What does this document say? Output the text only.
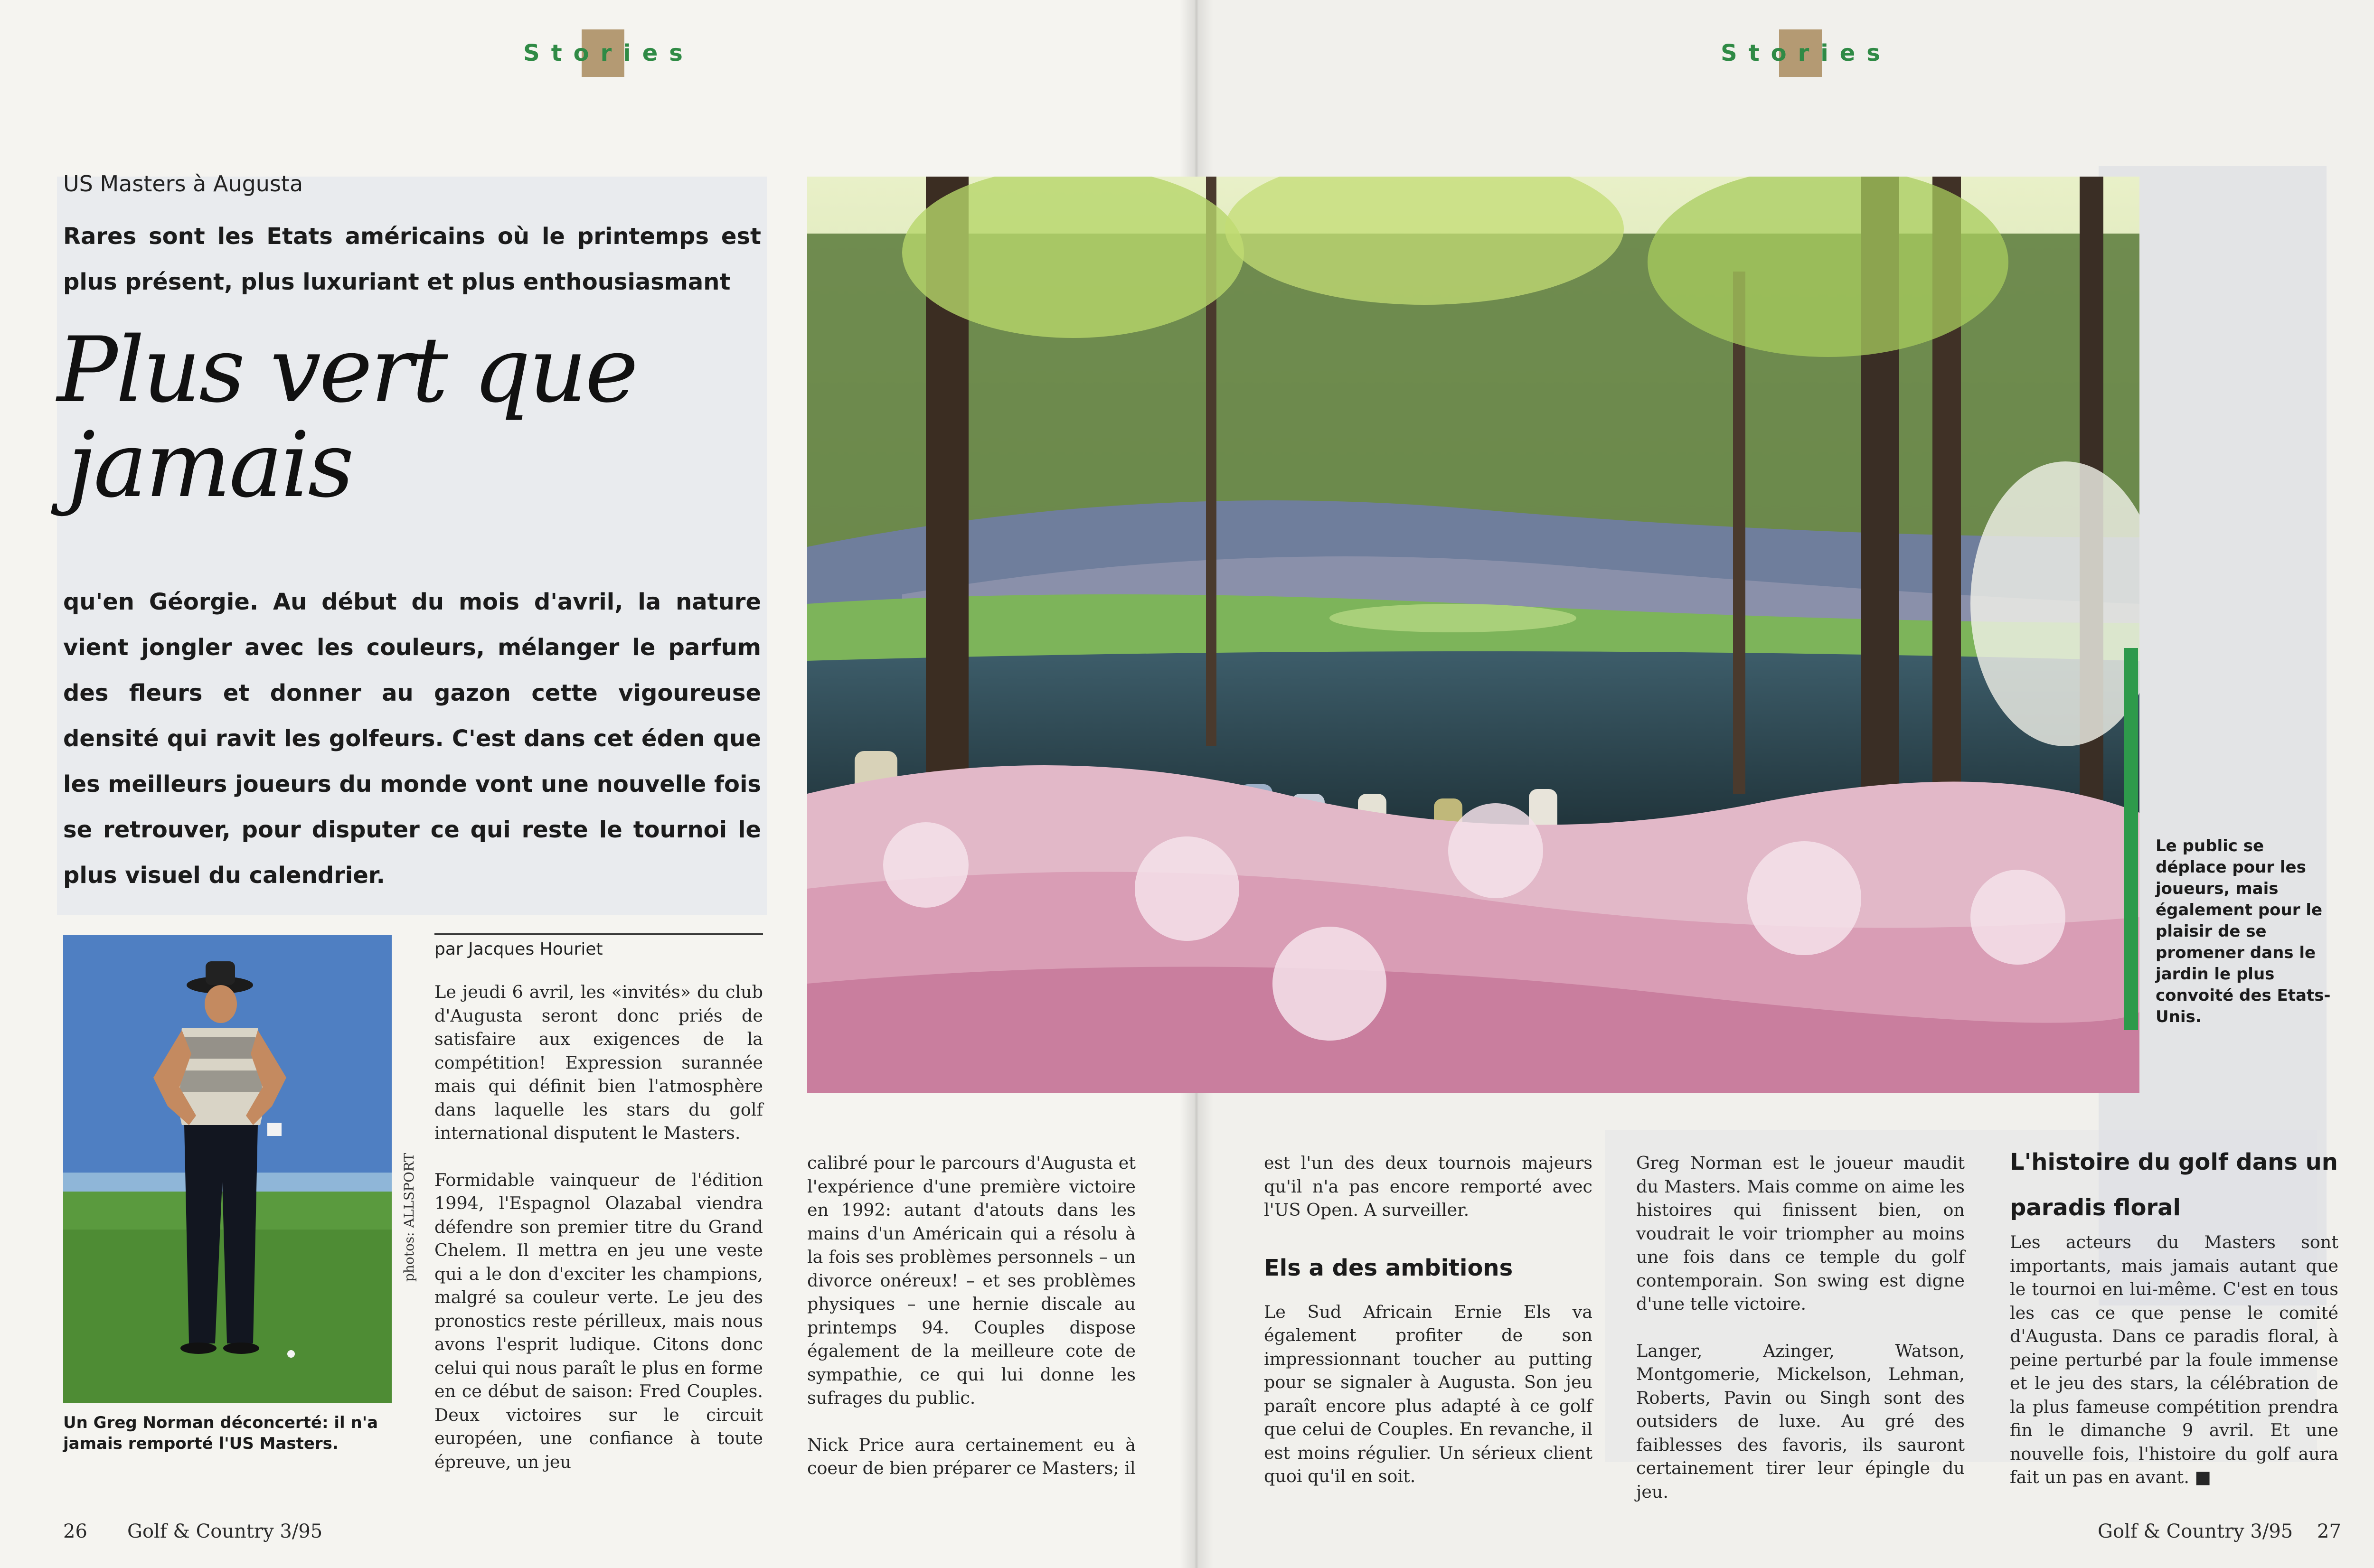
Stories	Stories
US Masters à Augusta
Rares sont les Etats américains où le printemps est plus présent, plus luxuriant et plus enthousiasmant
Plus vert que
jamais
qu'en Géorgie. Au début du mois d'avril, la nature vient jongler avec les couleurs, mélanger le parfum des fleurs et donner au gazon cette vigoureuse densité qui ravit les golfeurs. C'est dans cet éden que les meilleurs joueurs du monde vont une nouvelle fois se retrouver, pour disputer ce qui reste le tournoi le plus visuel du calendrier.
photos: ALLSPORT
Un Greg Norman déconcerté: il n'a jamais remporté l'US Masters.
Le public se déplace pour les joueurs, mais également pour le plaisir de se promener dans le jardin le plus convoité des Etats-Unis.
par Jacques Houriet

Le jeudi 6 avril, les «invités» du club d'Augusta seront donc priés de satisfaire aux exigences de la compétition! Expression surannée mais qui définit bien l'atmosphère dans laquelle les stars du golf international disputent le Masters.

Formidable vainqueur de l'édition 1994, l'Espagnol Olazabal viendra défendre son premier titre du Grand Chelem. Il mettra en jeu une veste qui a le don d'exciter les champions, malgré sa couleur verte. Le jeu des pronostics reste périlleux, mais nous avons l'esprit ludique. Citons donc celui qui nous paraît le plus en forme en ce début de saison: Fred Couples. Deux victoires sur le circuit européen, une confiance à toute épreuve, un jeu

calibré pour le parcours d'Augusta et l'expérience d'une première victoire en 1992: autant d'atouts dans les mains d'un Américain qui a résolu à la fois ses problèmes personnels – un divorce onéreux! – et ses problèmes physiques – une hernie discale au printemps 94. Couples dispose également de la meilleure cote de sympathie, ce qui lui donne les sufrages du public.

Nick Price aura certainement eu à coeur de bien préparer ce Masters; il

est l'un des deux tournois majeurs qu'il n'a pas encore remporté avec l'US Open. A surveiller.

Els a des ambitions

Le Sud Africain Ernie Els va également profiter de son impressionnant toucher au putting pour se signaler à Augusta. Son jeu paraît encore plus adapté à ce golf que celui de Couples. En revanche, il est moins régulier. Un sérieux client quoi qu'il en soit.

Greg Norman est le joueur maudit du Masters. Mais comme on aime les histoires qui finissent bien, on voudrait le voir triompher au moins une fois dans ce temple du golf contemporain. Son swing est digne d'une telle victoire.

Langer, Azinger, Watson, Montgomerie, Mickelson, Lehman, Roberts, Pavin ou Singh sont des outsiders de luxe. Au gré des faiblesses des favoris, ils sauront certainement tirer leur épingle du jeu.

L'histoire du golf dans un paradis floral

Les acteurs du Masters sont importants, mais jamais autant que le tournoi en lui-même. C'est en tous les cas ce que pense le comité d'Augusta. Dans ce paradis floral, à peine perturbé par la foule immense et le jeu des stars, la célébration de la plus fameuse compétition prendra fin le dimanche 9 avril. Et une nouvelle fois, l'histoire du golf aura fait un pas en avant. ■

26 Golf & Country 3/95	Golf & Country 3/95 27
